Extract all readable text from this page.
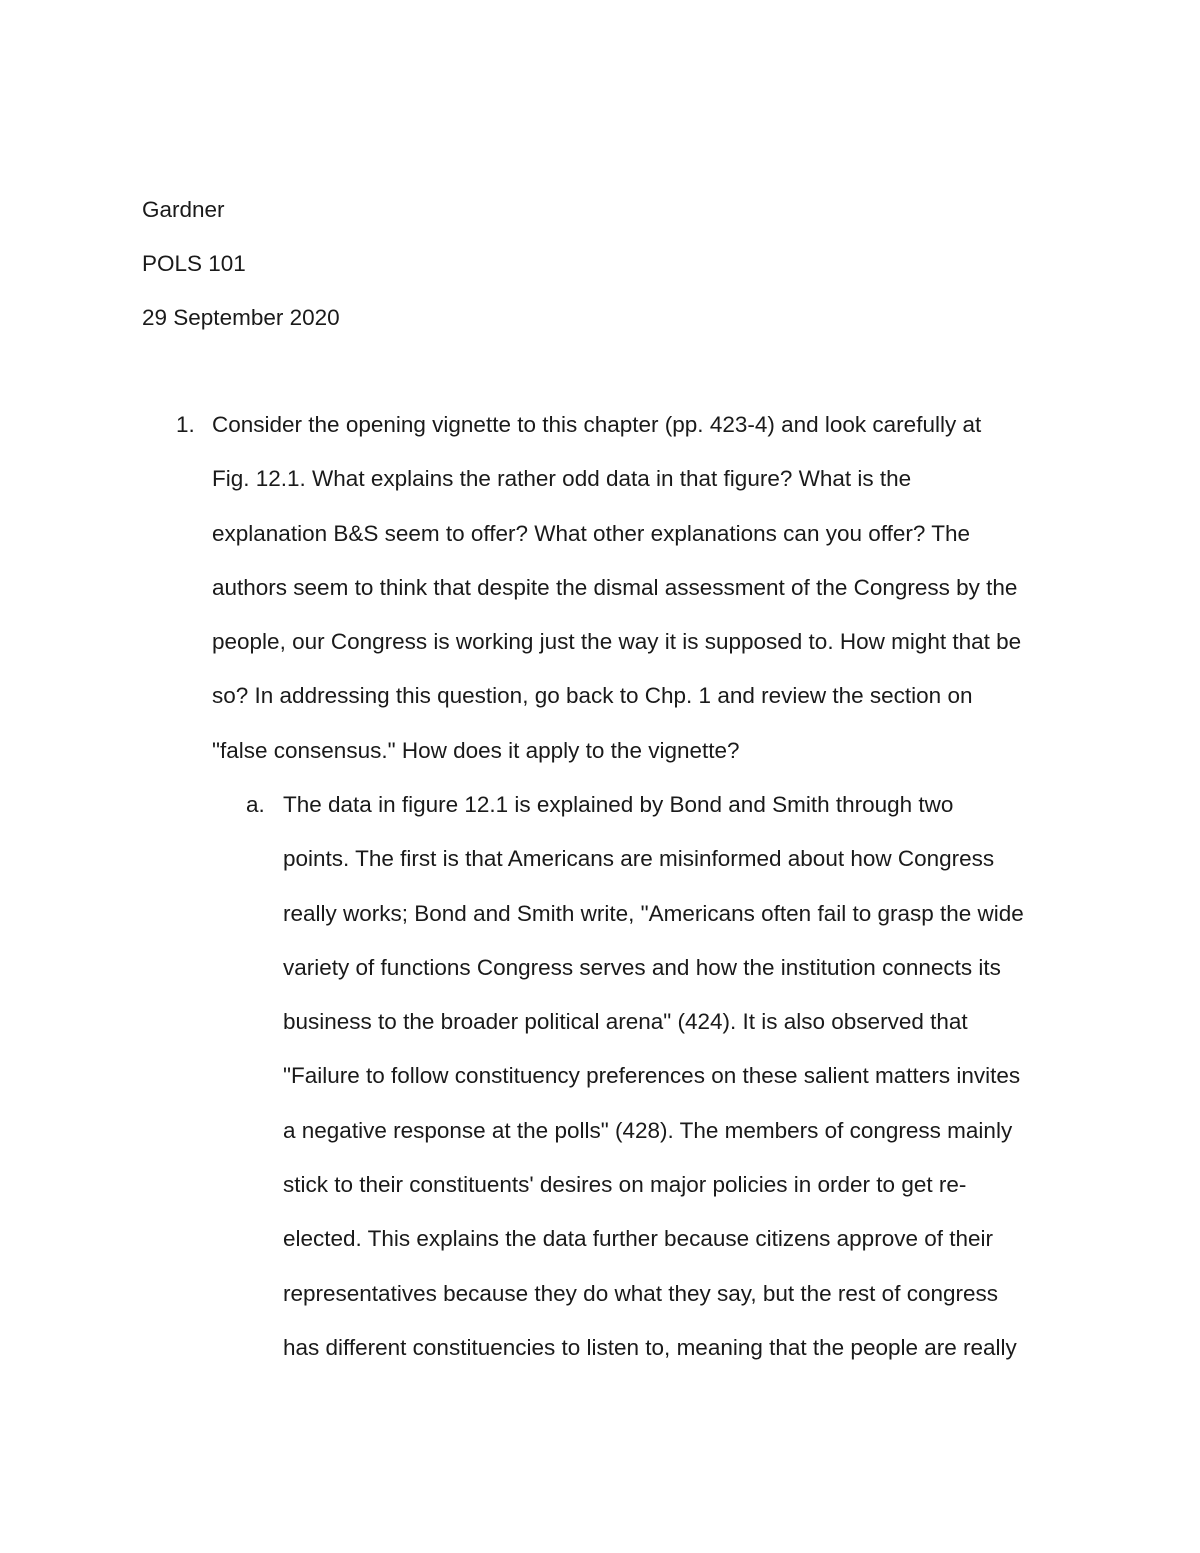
Gardner
POLS 101
29 September 2020
1. Consider the opening vignette to this chapter (pp. 423-4) and look carefully at
Fig. 12.1. What explains the rather odd data in that figure? What is the
explanation B&S seem to offer? What other explanations can you offer? The
authors seem to think that despite the dismal assessment of the Congress by the
people, our Congress is working just the way it is supposed to. How might that be
so? In addressing this question, go back to Chp. 1 and review the section on
"false consensus." How does it apply to the vignette?
a. The data in figure 12.1 is explained by Bond and Smith through two
points. The first is that Americans are misinformed about how Congress
really works; Bond and Smith write, "Americans often fail to grasp the wide
variety of functions Congress serves and how the institution connects its
business to the broader political arena" (424). It is also observed that
"Failure to follow constituency preferences on these salient matters invites
a negative response at the polls" (428). The members of congress mainly
stick to their constituents' desires on major policies in order to get re-
elected. This explains the data further because citizens approve of their
representatives because they do what they say, but the rest of congress
has different constituencies to listen to, meaning that the people are really
